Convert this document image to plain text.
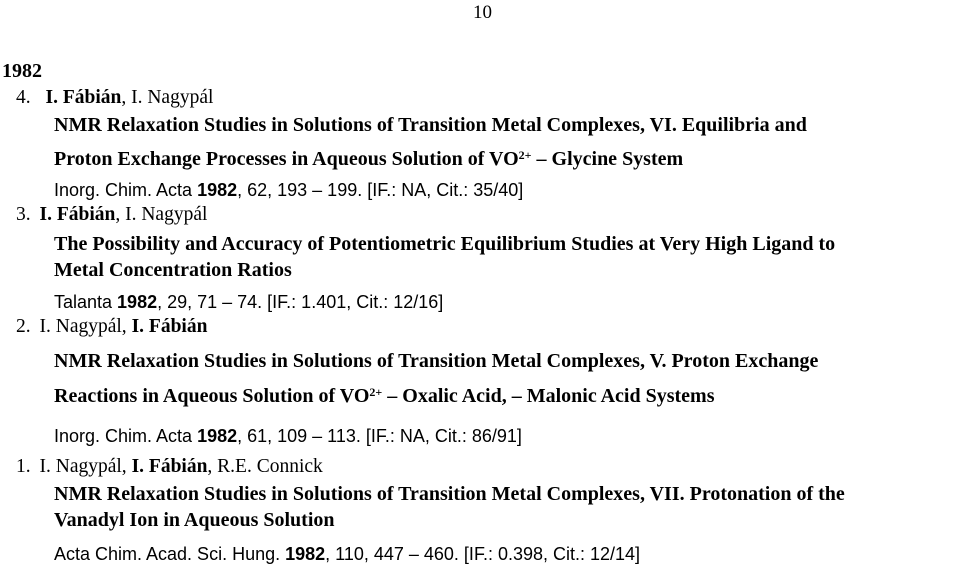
10
1982
4. I. Fábián, I. Nagypál
NMR Relaxation Studies in Solutions of Transition Metal Complexes, VI. Equilibria and
Proton Exchange Processes in Aqueous Solution of $VO^{2+}$ – Glycine System
Inorg. Chim. Acta 1982, 62, 193 – 199. [IF.: NA, Cit.: 35/40]
3. I. Fábián, I. Nagypál
The Possibility and Accuracy of Potentiometric Equilibrium Studies at Very High Ligand to
Metal Concentration Ratios
Talanta 1982, 29, 71 – 74. [IF.: 1.401, Cit.: 12/16]
2. I. Nagypál, I. Fábián
NMR Relaxation Studies in Solutions of Transition Metal Complexes, V. Proton Exchange
Reactions in Aqueous Solution of $VO^{2+}$ – Oxalic Acid, – Malonic Acid Systems
Inorg. Chim. Acta 1982, 61, 109 – 113. [IF.: NA, Cit.: 86/91]
1. I. Nagypál, I. Fábián, R.E. Connick
NMR Relaxation Studies in Solutions of Transition Metal Complexes, VII. Protonation of the
Vanadyl Ion in Aqueous Solution
Acta Chim. Acad. Sci. Hung. 1982, 110, 447 – 460. [IF.: 0.398, Cit.: 12/14]
